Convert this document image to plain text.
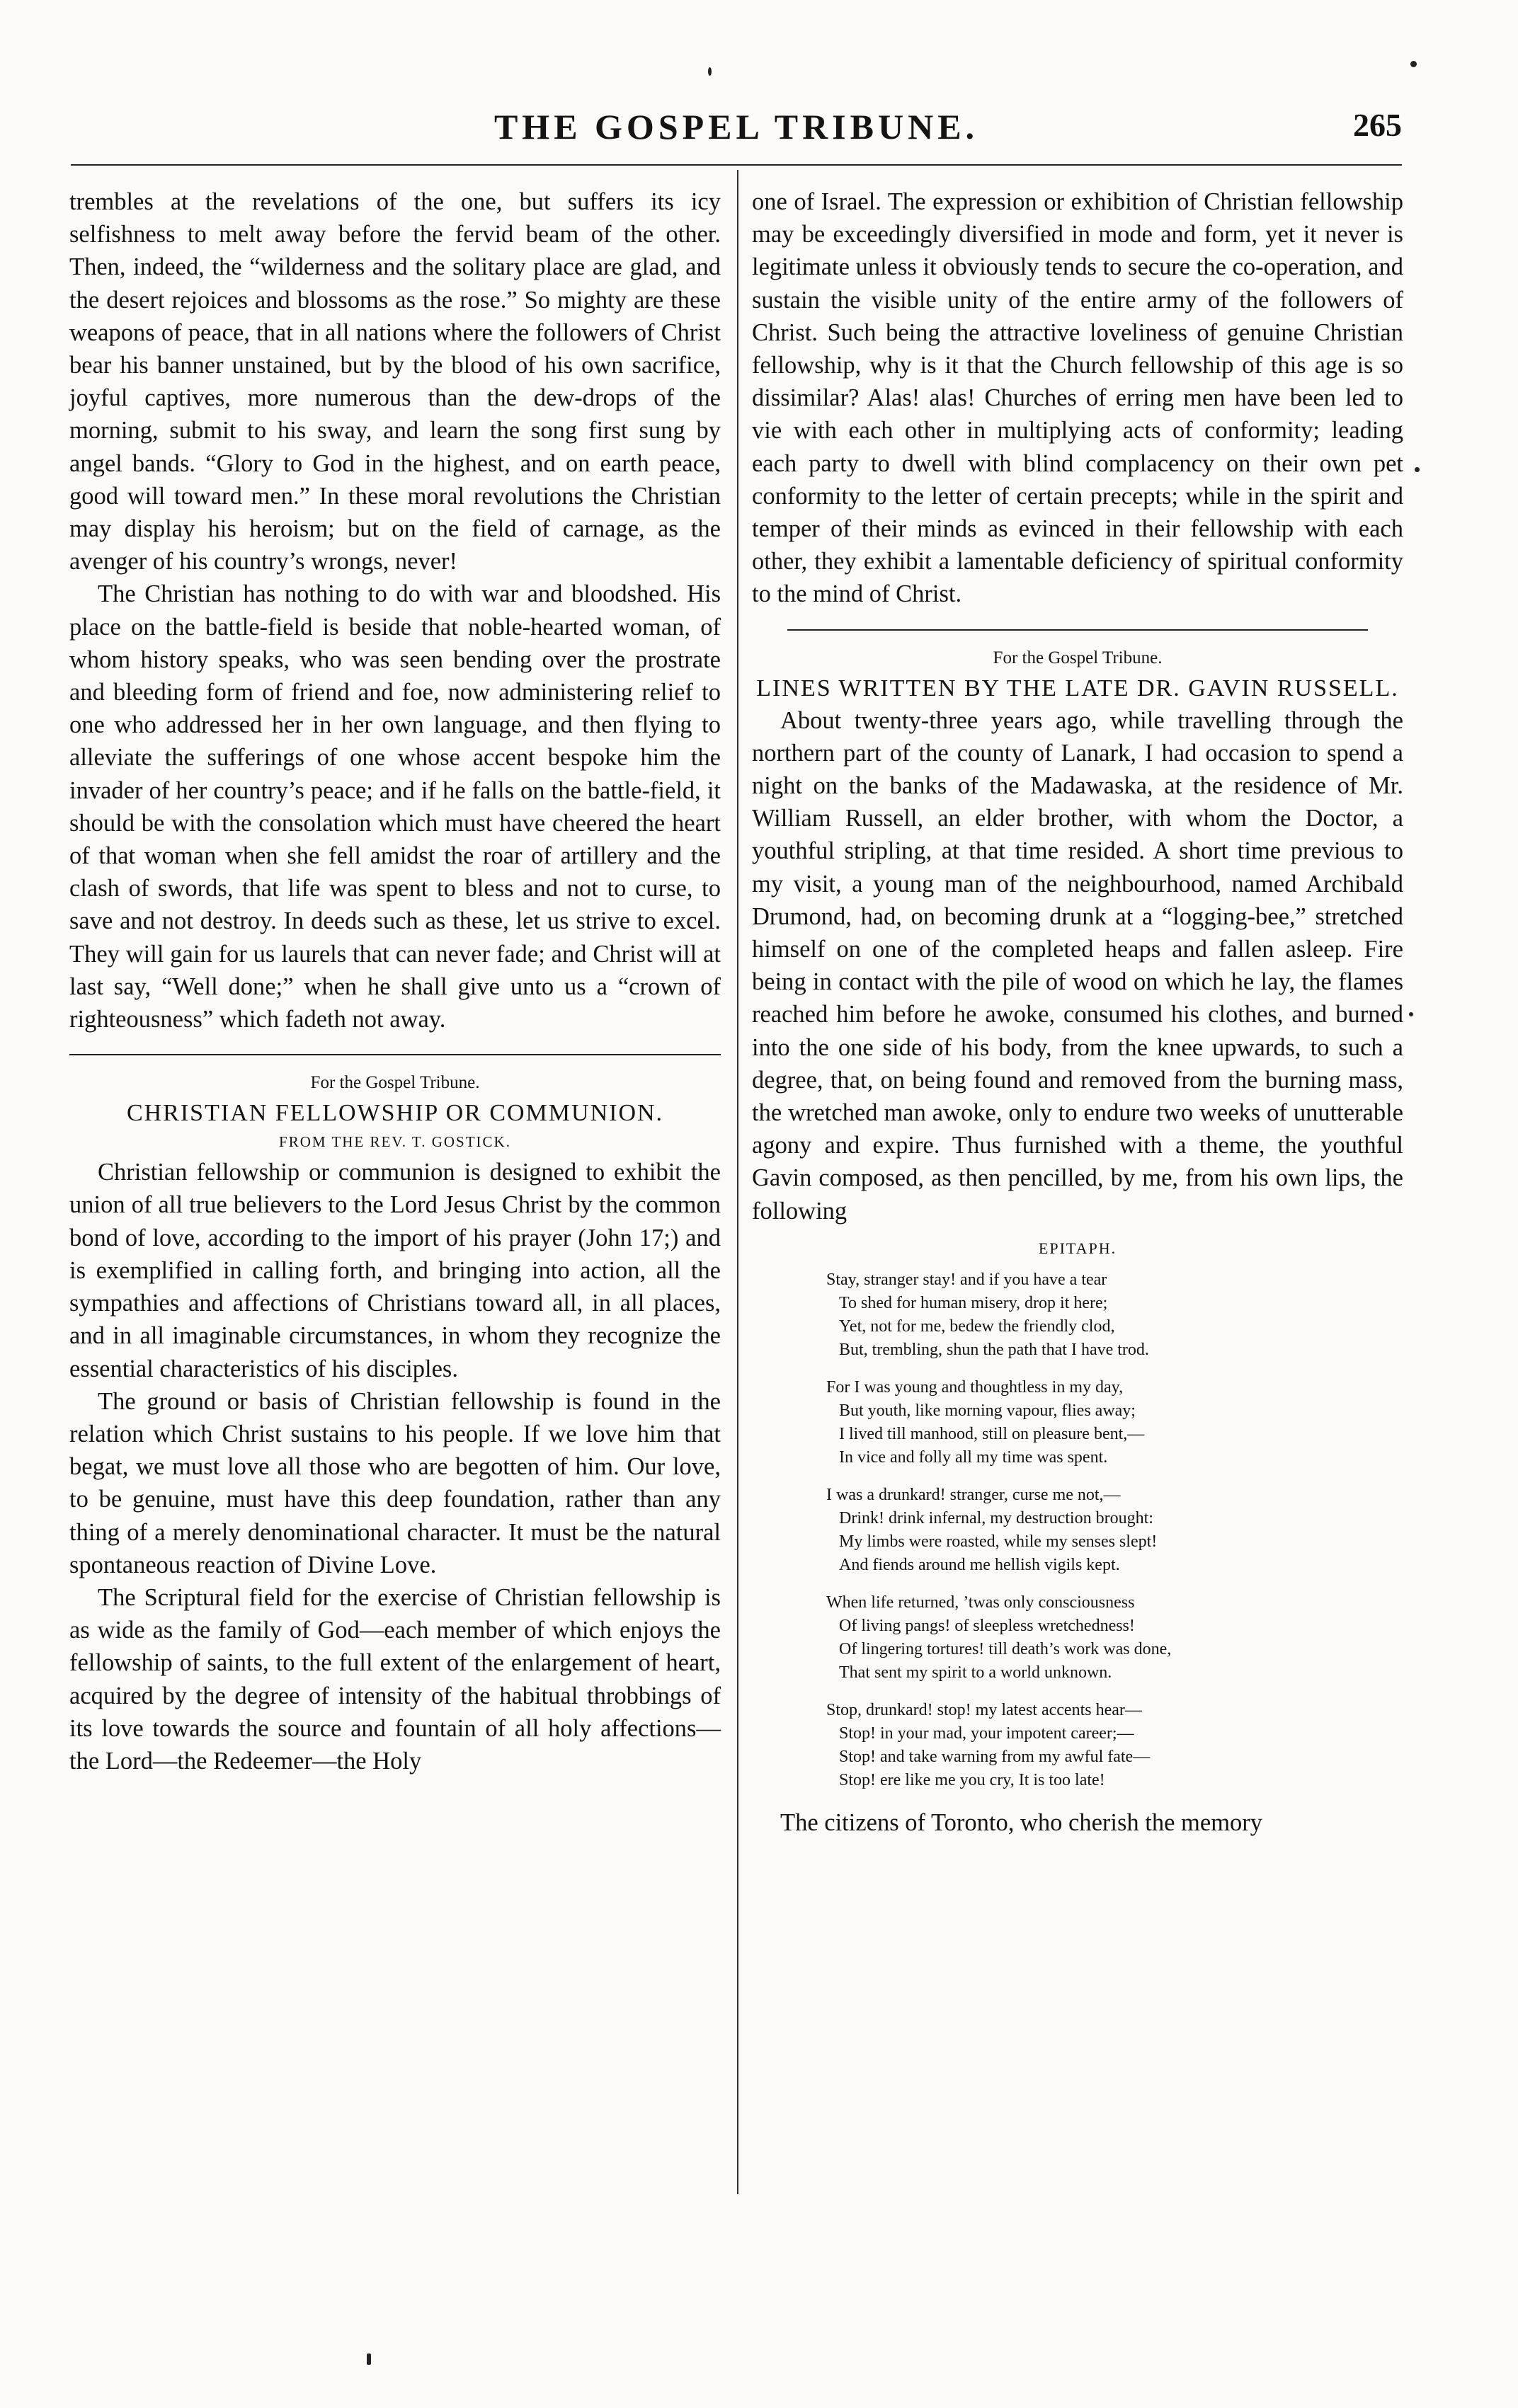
THE GOSPEL TRIBUNE.	265

trembles at the revelations of the one, but suffers its icy selfishness to melt away before the fervid beam of the other. Then, indeed, the “wilderness and the solitary place are glad, and the desert rejoices and blossoms as the rose.” So mighty are these weapons of peace, that in all nations where the followers of Christ bear his banner unstained, but by the blood of his own sacrifice, joyful captives, more numerous than the dew-drops of the morning, submit to his sway, and learn the song first sung by angel bands. “Glory to God in the highest, and on earth peace, good will toward men.” In these moral revolutions the Christian may display his heroism; but on the field of carnage, as the avenger of his country’s wrongs, never!

The Christian has nothing to do with war and bloodshed. His place on the battle-field is beside that noble-hearted woman, of whom history speaks, who was seen bending over the prostrate and bleeding form of friend and foe, now administering relief to one who addressed her in her own language, and then flying to alleviate the sufferings of one whose accent bespoke him the invader of her country’s peace; and if he falls on the battle-field, it should be with the consolation which must have cheered the heart of that woman when she fell amidst the roar of artillery and the clash of swords, that life was spent to bless and not to curse, to save and not destroy. In deeds such as these, let us strive to excel. They will gain for us laurels that can never fade; and Christ will at last say, “Well done;” when he shall give unto us a “crown of righteousness” which fadeth not away.

For the Gospel Tribune.
CHRISTIAN FELLOWSHIP OR COMMUNION.
FROM THE REV. T. GOSTICK.

Christian fellowship or communion is designed to exhibit the union of all true believers to the Lord Jesus Christ by the common bond of love, according to the import of his prayer (John 17;) and is exemplified in calling forth, and bringing into action, all the sympathies and affections of Christians toward all, in all places, and in all imaginable circumstances, in whom they recognize the essential characteristics of his disciples.

The ground or basis of Christian fellowship is found in the relation which Christ sustains to his people. If we love him that begat, we must love all those who are begotten of him. Our love, to be genuine, must have this deep foundation, rather than any thing of a merely denominational character. It must be the natural spontaneous reaction of Divine Love.

The Scriptural field for the exercise of Christian fellowship is as wide as the family of God—each member of which enjoys the fellowship of saints, to the full extent of the enlargement of heart, acquired by the degree of intensity of the habitual throbbings of its love towards the source and fountain of all holy affections—the Lord—the Redeemer—the Holy

one of Israel. The expression or exhibition of Christian fellowship may be exceedingly diversified in mode and form, yet it never is legitimate unless it obviously tends to secure the co-operation, and sustain the visible unity of the entire army of the followers of Christ. Such being the attractive loveliness of genuine Christian fellowship, why is it that the Church fellowship of this age is so dissimilar? Alas! alas! Churches of erring men have been led to vie with each other in multiplying acts of conformity; leading each party to dwell with blind complacency on their own pet conformity to the letter of certain precepts; while in the spirit and temper of their minds as evinced in their fellowship with each other, they exhibit a lamentable deficiency of spiritual conformity to the mind of Christ.

For the Gospel Tribune.
LINES WRITTEN BY THE LATE DR. GAVIN RUSSELL.

About twenty-three years ago, while travelling through the northern part of the county of Lanark, I had occasion to spend a night on the banks of the Madawaska, at the residence of Mr. William Russell, an elder brother, with whom the Doctor, a youthful stripling, at that time resided. A short time previous to my visit, a young man of the neighbourhood, named Archibald Drumond, had, on becoming drunk at a “logging-bee,” stretched himself on one of the completed heaps and fallen asleep. Fire being in contact with the pile of wood on which he lay, the flames reached him before he awoke, consumed his clothes, and burned into the one side of his body, from the knee upwards, to such a degree, that, on being found and removed from the burning mass, the wretched man awoke, only to endure two weeks of unutterable agony and expire. Thus furnished with a theme, the youthful Gavin composed, as then pencilled, by me, from his own lips, the following

EPITAPH.
Stay, stranger stay! and if you have a tear
To shed for human misery, drop it here;
Yet, not for me, bedew the friendly clod,
But, trembling, shun the path that I have trod.
For I was young and thoughtless in my day,
But youth, like morning vapour, flies away;
I lived till manhood, still on pleasure bent,—
In vice and folly all my time was spent.
I was a drunkard! stranger, curse me not,—
Drink! drink infernal, my destruction brought:
My limbs were roasted, while my senses slept!
And fiends around me hellish vigils kept.
When life returned, ’twas only consciousness
Of living pangs! of sleepless wretchedness!
Of lingering tortures! till death’s work was done,
That sent my spirit to a world unknown.
Stop, drunkard! stop! my latest accents hear—
Stop! in your mad, your impotent career;—
Stop! and take warning from my awful fate—
Stop! ere like me you cry, It is too late!

The citizens of Toronto, who cherish the memory
